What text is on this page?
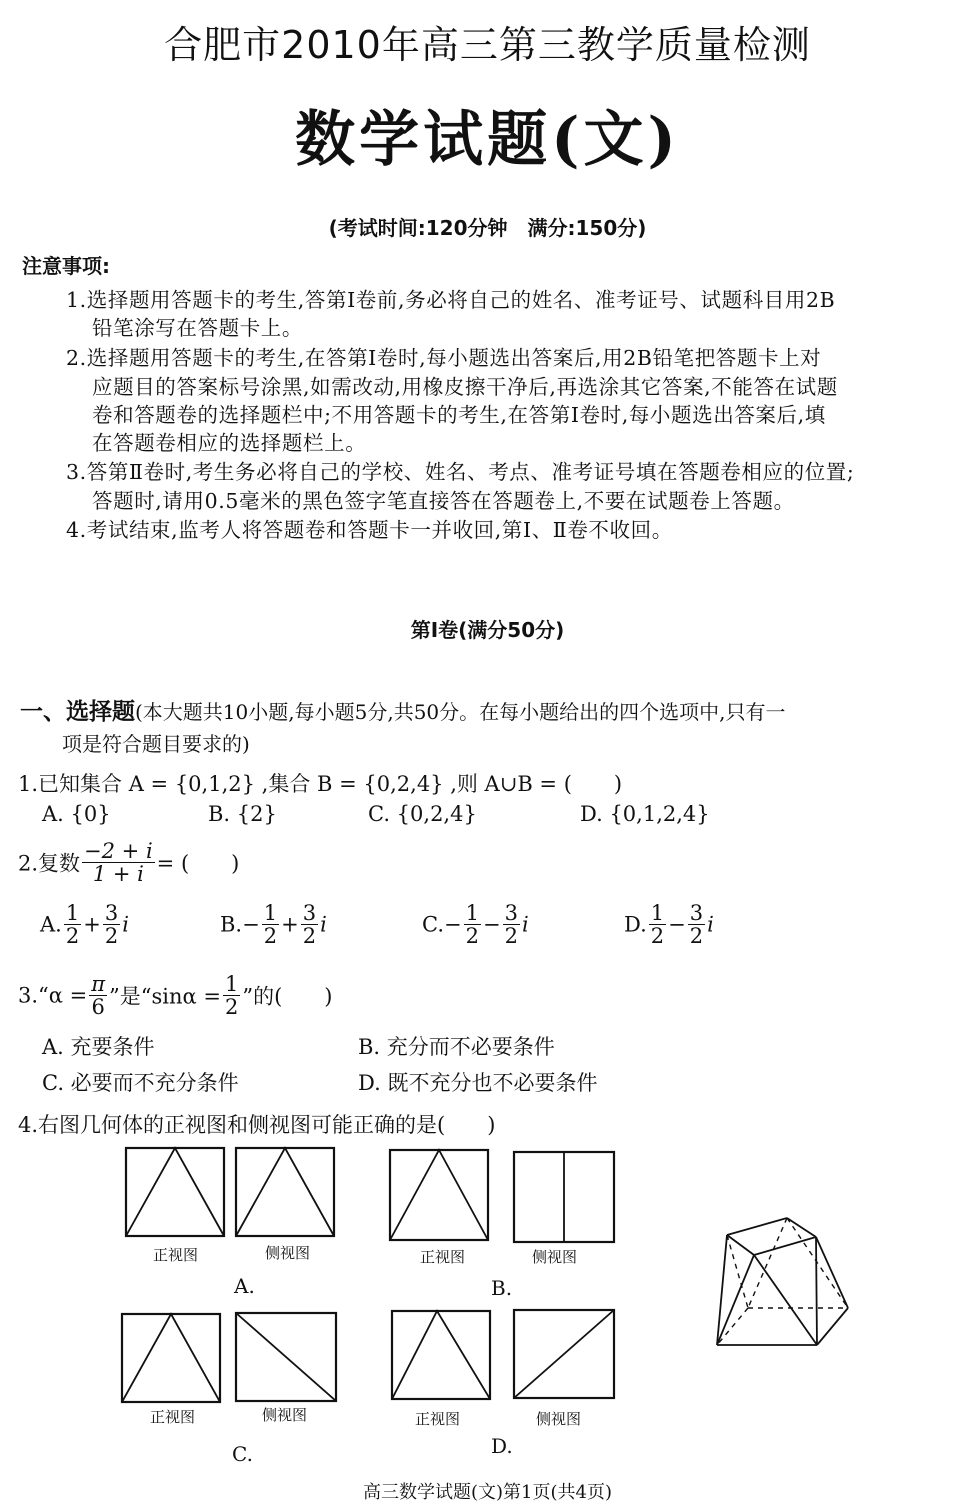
合肥市2010年高三第三教学质量检测
数学试题(文)
(考试时间:120分钟　满分:150分)
注意事项:
1.选择题用答题卡的考生,答第Ⅰ卷前,务必将自己的姓名、准考证号、试题科目用2B
铅笔涂写在答题卡上。
2.选择题用答题卡的考生,在答第Ⅰ卷时,每小题选出答案后,用2B铅笔把答题卡上对
应题目的答案标号涂黑,如需改动,用橡皮擦干净后,再选涂其它答案,不能答在试题
卷和答题卷的选择题栏中;不用答题卡的考生,在答第Ⅰ卷时,每小题选出答案后,填
在答题卷相应的选择题栏上。
3.答第Ⅱ卷时,考生务必将自己的学校、姓名、考点、准考证号填在答题卷相应的位置;
答题时,请用0.5毫米的黑色签字笔直接答在答题卷上,不要在试题卷上答题。
4.考试结束,监考人将答题卷和答题卡一并收回,第Ⅰ、Ⅱ卷不收回。
第Ⅰ卷(满分50分)
一、选择题(本大题共10小题,每小题5分,共50分。在每小题给出的四个选项中,只有一
项是符合题目要求的)
1.已知集合 A = {0,1,2} ,集合 B = {0,2,4} ,则 A∪B = (　　)
A. {0}	B. {2}	C. {0,2,4}	D. {0,1,2,4}
2.复数 $\frac{-2 + i}{1 + i}$ = (　　)
A. $\frac{1}{2} + \frac{3}{2}$ i	$B.- \frac{1}{2} + \frac{3}{2}$ i	$C.- \frac{1}{2} - \frac{3}{2}$ i	D. $\frac{1}{2} - \frac{3}{2}$ i
3.“α = $\frac{\pi}{6}$ ”是“$\sin\alpha = \frac{1}{2}$ ”的(　　)
A. 充要条件	B. 充分而不必要条件
C. 必要而不充分条件	D. 既不充分也不必要条件
4.右图几何体的正视图和侧视图可能正确的是(　　)
正视图	侧视图
A.
正视图	侧视图
B.
正视图	侧视图
C.
正视图	侧视图
D.
高三数学试题(文)第1页(共4页)
